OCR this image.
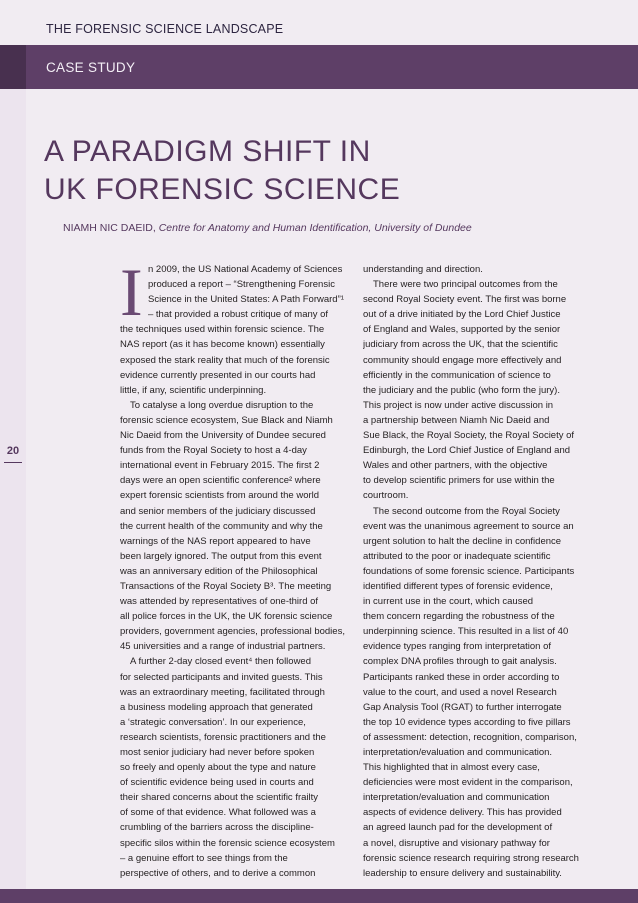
THE FORENSIC SCIENCE LANDSCAPE
CASE STUDY
A PARADIGM SHIFT IN
UK FORENSIC SCIENCE
NIAMH NIC DAEID, Centre for Anatomy and Human Identification, University of Dundee
20
I n 2009, the US National Academy of Sciences
produced a report – “Strengthening Forensic
Science in the United States: A Path Forward”¹
– that provided a robust critique of many of
the techniques used within forensic science. The
NAS report (as it has become known) essentially
exposed the stark reality that much of the forensic
evidence currently presented in our courts had
little, if any, scientific underpinning.
To catalyse a long overdue disruption to the
forensic science ecosystem, Sue Black and Niamh
Nic Daeid from the University of Dundee secured
funds from the Royal Society to host a 4-day
international event in February 2015. The first 2
days were an open scientific conference² where
expert forensic scientists from around the world
and senior members of the judiciary discussed
the current health of the community and why the
warnings of the NAS report appeared to have
been largely ignored. The output from this event
was an anniversary edition of the Philosophical
Transactions of the Royal Society B³. The meeting
was attended by representatives of one-third of
all police forces in the UK, the UK forensic science
providers, government agencies, professional bodies,
45 universities and a range of industrial partners.
A further 2-day closed event⁴ then followed
for selected participants and invited guests. This
was an extraordinary meeting, facilitated through
a business modeling approach that generated
a ‘strategic conversation’. In our experience,
research scientists, forensic practitioners and the
most senior judiciary had never before spoken
so freely and openly about the type and nature
of scientific evidence being used in courts and
their shared concerns about the scientific frailty
of some of that evidence. What followed was a
crumbling of the barriers across the discipline-
specific silos within the forensic science ecosystem
– a genuine effort to see things from the
perspective of others, and to derive a common
understanding and direction.
There were two principal outcomes from the
second Royal Society event. The first was borne
out of a drive initiated by the Lord Chief Justice
of England and Wales, supported by the senior
judiciary from across the UK, that the scientific
community should engage more effectively and
efficiently in the communication of science to
the judiciary and the public (who form the jury).
This project is now under active discussion in
a partnership between Niamh Nic Daeid and
Sue Black, the Royal Society, the Royal Society of
Edinburgh, the Lord Chief Justice of England and
Wales and other partners, with the objective
to develop scientific primers for use within the
courtroom.
The second outcome from the Royal Society
event was the unanimous agreement to source an
urgent solution to halt the decline in confidence
attributed to the poor or inadequate scientific
foundations of some forensic science. Participants
identified different types of forensic evidence,
in current use in the court, which caused
them concern regarding the robustness of the
underpinning science. This resulted in a list of 40
evidence types ranging from interpretation of
complex DNA profiles through to gait analysis.
Participants ranked these in order according to
value to the court, and used a novel Research
Gap Analysis Tool (RGAT) to further interrogate
the top 10 evidence types according to five pillars
of assessment: detection, recognition, comparison,
interpretation/evaluation and communication.
This highlighted that in almost every case,
deficiencies were most evident in the comparison,
interpretation/evaluation and communication
aspects of evidence delivery. This has provided
an agreed launch pad for the development of
a novel, disruptive and visionary pathway for
forensic science research requiring strong research
leadership to ensure delivery and sustainability.
